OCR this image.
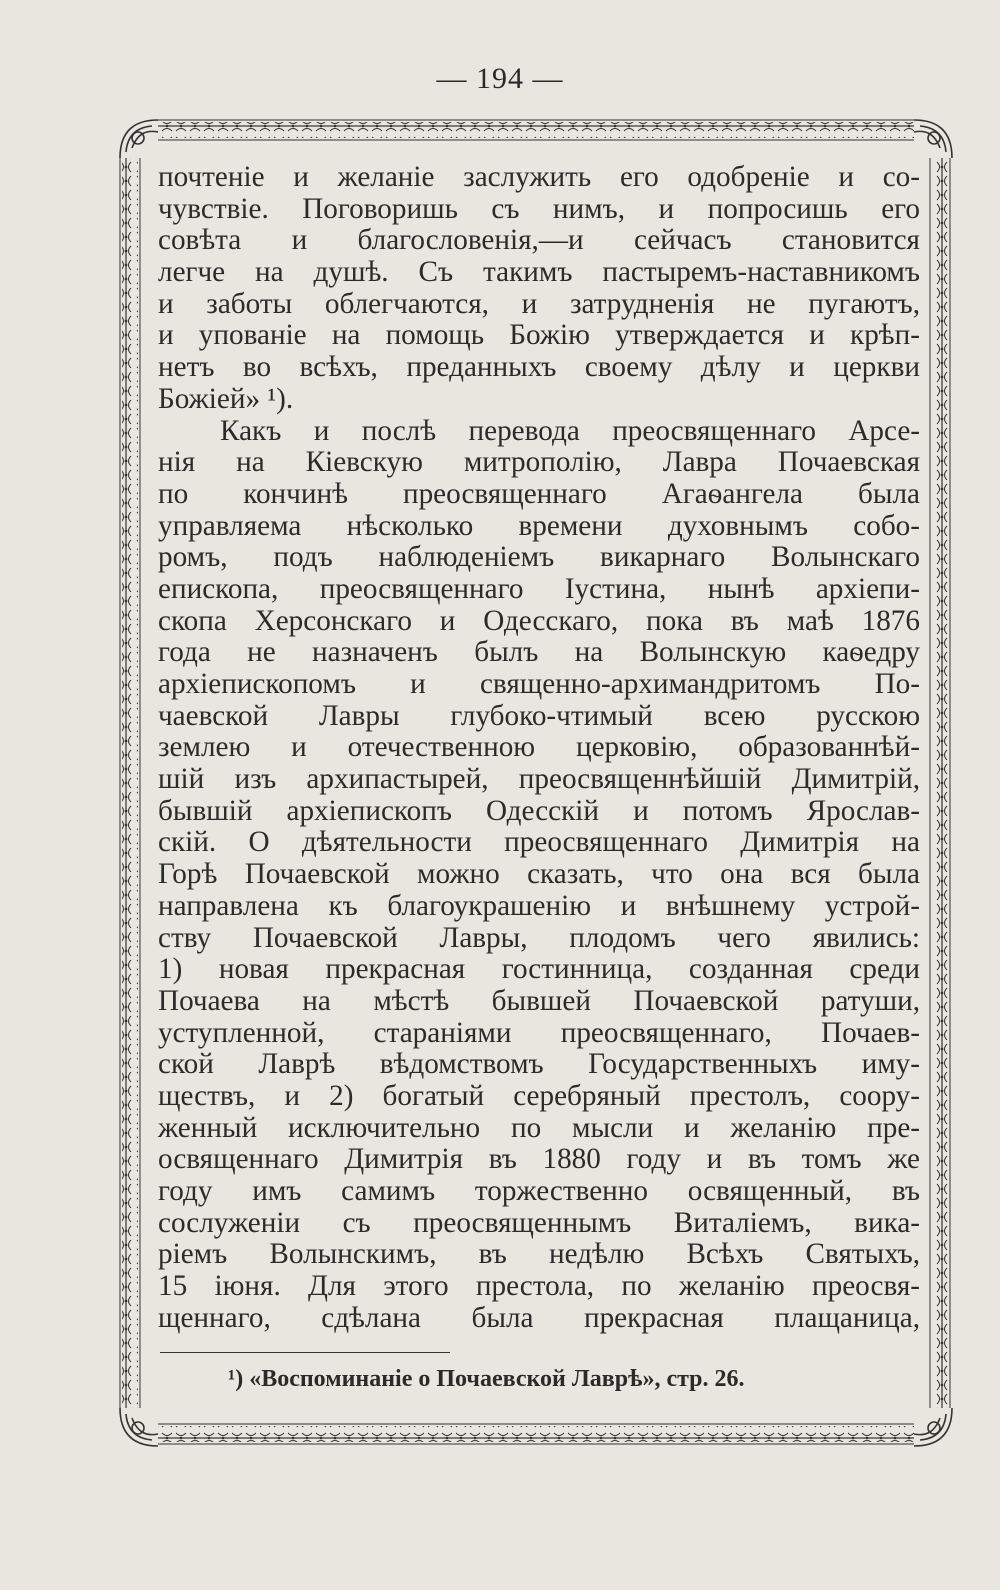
— 194 —
почтеніе и желаніе заслужить его одобреніе и со-
чувствіе. Поговоришь съ нимъ, и попросишь его
совѣта и благословенія,—и сейчасъ становится
легче на душѣ. Съ такимъ пастыремъ-наставникомъ
и заботы облегчаются, и затрудненія не пугаютъ,
и упованіе на помощь Божію утверждается и крѣп-
нетъ во всѣхъ, преданныхъ своему дѣлу и церкви
Божіей» ¹).
Какъ и послѣ перевода преосвященнаго Арсе-
нія на Кіевскую митрополію, Лавра Почаевская
по кончинѣ преосвященнаго Агаѳангела была
управляема нѣсколько времени духовнымъ собо-
ромъ, подъ наблюденіемъ викарнаго Волынскаго
епископа, преосвященнаго Іустина, нынѣ архіепи-
скопа Херсонскаго и Одесскаго, пока въ маѣ 1876
года не назначенъ былъ на Волынскую каѳедру
архіепископомъ и священно-архимандритомъ По-
чаевской Лавры глубоко-чтимый всею русскою
землею и отечественною церковію, образованнѣй-
шій изъ архипастырей, преосвященнѣйшій Димитрій,
бывшій архіепископъ Одесскій и потомъ Ярослав-
скій. О дѣятельности преосвященнаго Димитрія на
Горѣ Почаевской можно сказать, что она вся была
направлена къ благоукрашенію и внѣшнему устрой-
ству Почаевской Лавры, плодомъ чего явились:
1) новая прекрасная гостинница, созданная среди
Почаева на мѣстѣ бывшей Почаевской ратуши,
уступленной, стараніями преосвященнаго, Почаев-
ской Лаврѣ вѣдомствомъ Государственныхъ иму-
ществъ, и 2) богатый серебряный престолъ, соору-
женный исключительно по мысли и желанію пре-
освященнаго Димитрія въ 1880 году и въ томъ же
году имъ самимъ торжественно освященный, въ
сослуженіи съ преосвященнымъ Виталіемъ, вика-
ріемъ Волынскимъ, въ недѣлю Всѣхъ Святыхъ,
15 іюня. Для этого престола, по желанію преосвя-
щеннаго, сдѣлана была прекрасная плащаница,
¹) «Воспоминаніе о Почаевской Лаврѣ», стр. 26.
